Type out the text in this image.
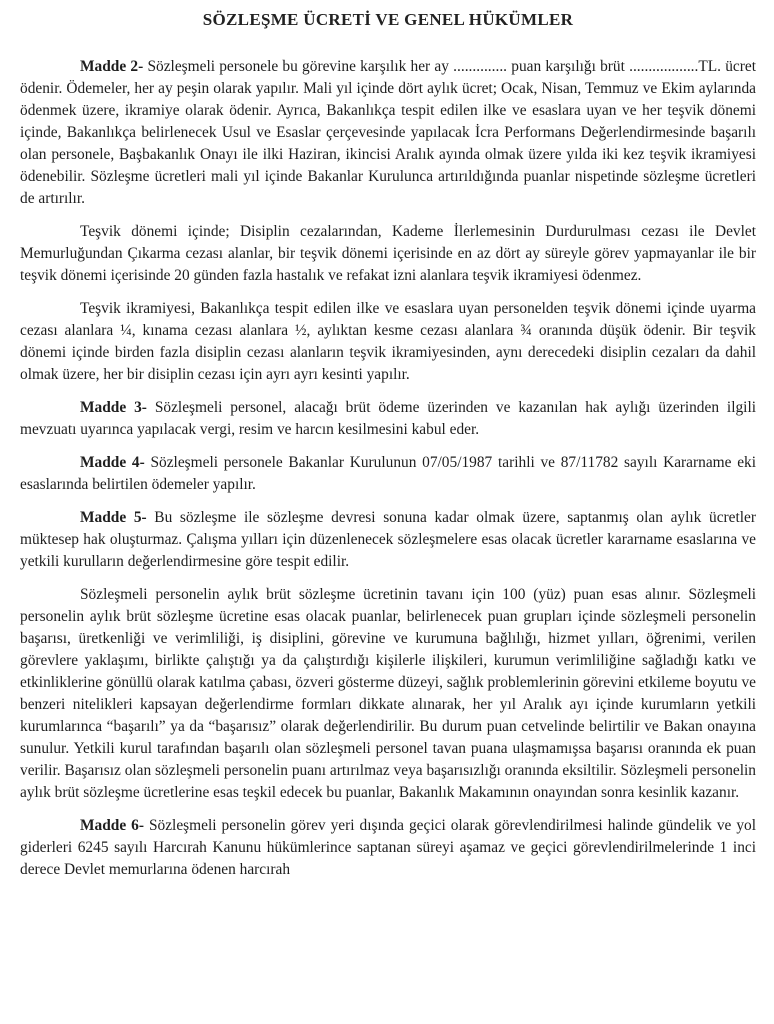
SÖZLEŞME ÜCRETİ VE GENEL HÜKÜMLER

Madde 2- Sözleşmeli personele bu görevine karşılık her ay .............. puan karşılığı brüt ..................TL. ücret ödenir. Ödemeler, her ay peşin olarak yapılır. Mali yıl içinde dört aylık ücret; Ocak, Nisan, Temmuz ve Ekim aylarında ödenmek üzere, ikramiye olarak ödenir. Ayrıca, Bakanlıkça tespit edilen ilke ve esaslara uyan ve her teşvik dönemi içinde, Bakanlıkça belirlenecek Usul ve Esaslar çerçevesinde yapılacak İcra Performans Değerlendirmesinde başarılı olan personele, Başbakanlık Onayı ile ilki Haziran, ikincisi Aralık ayında olmak üzere yılda iki kez teşvik ikramiyesi ödenebilir. Sözleşme ücretleri mali yıl içinde Bakanlar Kurulunca artırıldığında puanlar nispetinde sözleşme ücretleri de artırılır.

Teşvik dönemi içinde; Disiplin cezalarından, Kademe İlerlemesinin Durdurulması cezası ile Devlet Memurluğundan Çıkarma cezası alanlar, bir teşvik dönemi içerisinde en az dört ay süreyle görev yapmayanlar ile bir teşvik dönemi içerisinde 20 günden fazla hastalık ve refakat izni alanlara teşvik ikramiyesi ödenmez.

Teşvik ikramiyesi, Bakanlıkça tespit edilen ilke ve esaslara uyan personelden teşvik dönemi içinde uyarma cezası alanlara ¼, kınama cezası alanlara ½, aylıktan kesme cezası alanlara ¾ oranında düşük ödenir. Bir teşvik dönemi içinde birden fazla disiplin cezası alanların teşvik ikramiyesinden, aynı derecedeki disiplin cezaları da dahil olmak üzere, her bir disiplin cezası için ayrı ayrı kesinti yapılır.

Madde 3- Sözleşmeli personel, alacağı brüt ödeme üzerinden ve kazanılan hak aylığı üzerinden ilgili mevzuatı uyarınca yapılacak vergi, resim ve harcın kesilmesini kabul eder.

Madde 4- Sözleşmeli personele Bakanlar Kurulunun 07/05/1987 tarihli ve 87/11782 sayılı Kararname eki esaslarında belirtilen ödemeler yapılır.

Madde 5- Bu sözleşme ile sözleşme devresi sonuna kadar olmak üzere, saptanmış olan aylık ücretler müktesep hak oluşturmaz. Çalışma yılları için düzenlenecek sözleşmelere esas olacak ücretler kararname esaslarına ve yetkili kurulların değerlendirmesine göre tespit edilir.

Sözleşmeli personelin aylık brüt sözleşme ücretinin tavanı için 100 (yüz) puan esas alınır. Sözleşmeli personelin aylık brüt sözleşme ücretine esas olacak puanlar, belirlenecek puan grupları içinde sözleşmeli personelin başarısı, üretkenliği ve verimliliği, iş disiplini, görevine ve kurumuna bağlılığı, hizmet yılları, öğrenimi, verilen görevlere yaklaşımı, birlikte çalıştığı ya da çalıştırdığı kişilerle ilişkileri, kurumun verimliliğine sağladığı katkı ve etkinliklerine gönüllü olarak katılma çabası, özveri gösterme düzeyi, sağlık problemlerinin görevini etkileme boyutu ve benzeri nitelikleri kapsayan değerlendirme formları dikkate alınarak, her yıl Aralık ayı içinde kurumların yetkili kurumlarınca “başarılı” ya da “başarısız” olarak değerlendirilir. Bu durum puan cetvelinde belirtilir ve Bakan onayına sunulur. Yetkili kurul tarafından başarılı olan sözleşmeli personel tavan puana ulaşmamışsa başarısı oranında ek puan verilir. Başarısız olan sözleşmeli personelin puanı artırılmaz veya başarısızlığı oranında eksiltilir. Sözleşmeli personelin aylık brüt sözleşme ücretlerine esas teşkil edecek bu puanlar, Bakanlık Makamının onayından sonra kesinlik kazanır.

Madde 6- Sözleşmeli personelin görev yeri dışında geçici olarak görevlendirilmesi halinde gündelik ve yol giderleri 6245 sayılı Harcırah Kanunu hükümlerince saptanan süreyi aşamaz ve geçici görevlendirilmelerinde 1 inci derece Devlet memurlarına ödenen harcırah
